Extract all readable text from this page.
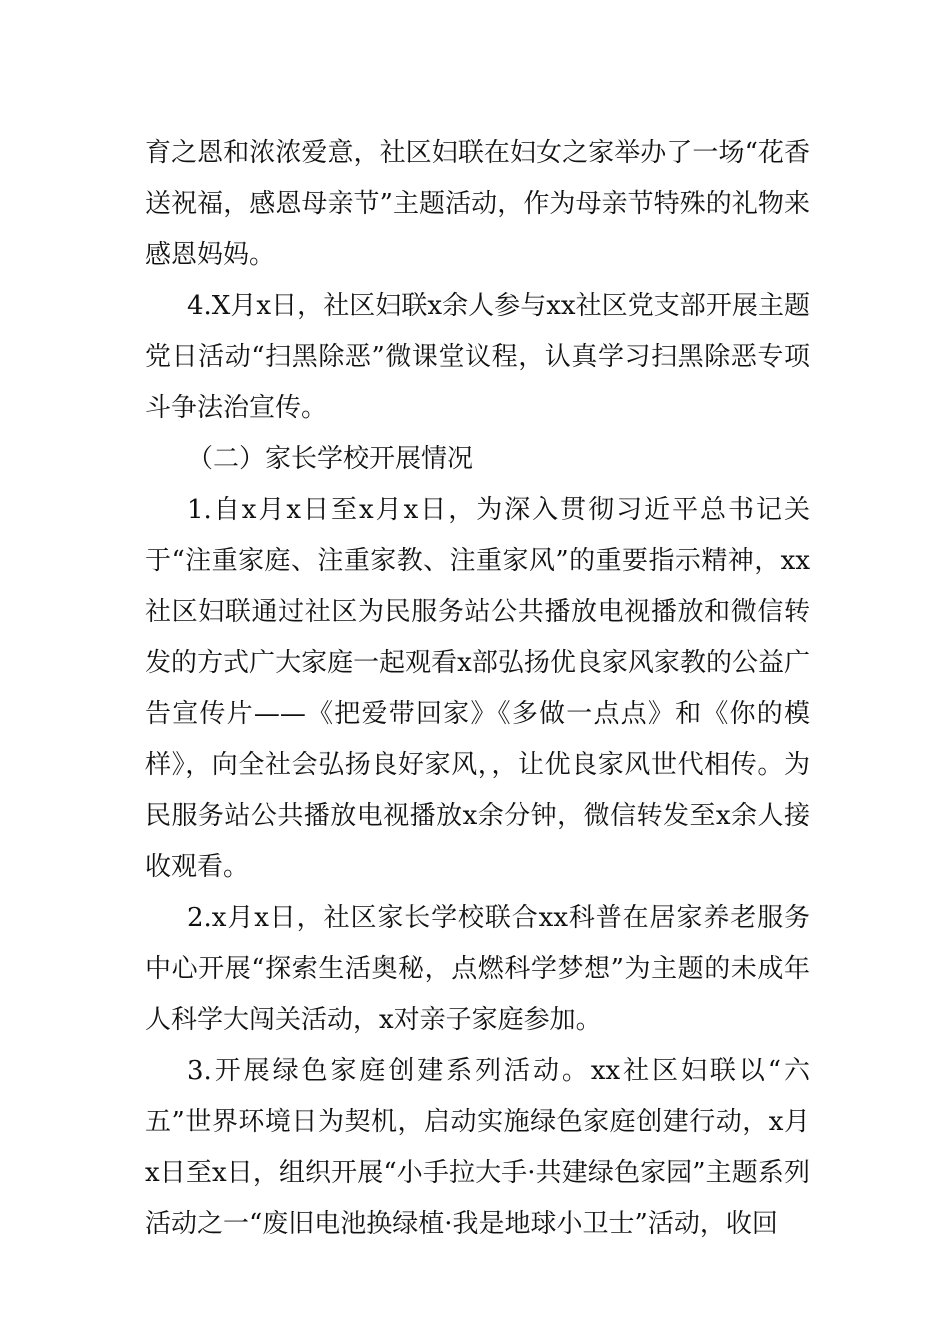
育之恩和浓浓爱意，社区妇联在妇女之家举办了一场“花香送祝福，感恩母亲节”主题活动，作为母亲节特殊的礼物来感恩妈妈。

4.X月x日，社区妇联x余人参与xx社区党支部开展主题党日活动“扫黑除恶”微课堂议程，认真学习扫黑除恶专项斗争法治宣传。

（二）家长学校开展情况

1.自x月x日至x月x日，为深入贯彻习近平总书记关于“注重家庭、注重家教、注重家风”的重要指示精神，xx社区妇联通过社区为民服务站公共播放电视播放和微信转发的方式广大家庭一起观看x部弘扬优良家风家教的公益广告宣传片——《把爱带回家》《多做一点点》和《你的模样》，向全社会弘扬良好家风，，让优良家风世代相传。为民服务站公共播放电视播放x余分钟，微信转发至x余人接收观看。

2.x月x日，社区家长学校联合xx科普在居家养老服务中心开展“探索生活奥秘，点燃科学梦想”为主题的未成年人科学大闯关活动，x对亲子家庭参加。

3.开展绿色家庭创建系列活动。xx社区妇联以“六五”世界环境日为契机，启动实施绿色家庭创建行动，x月x日至x日，组织开展“小手拉大手·共建绿色家园”主题系列活动之一“废旧电池换绿植·我是地球小卫士”活动，收回
